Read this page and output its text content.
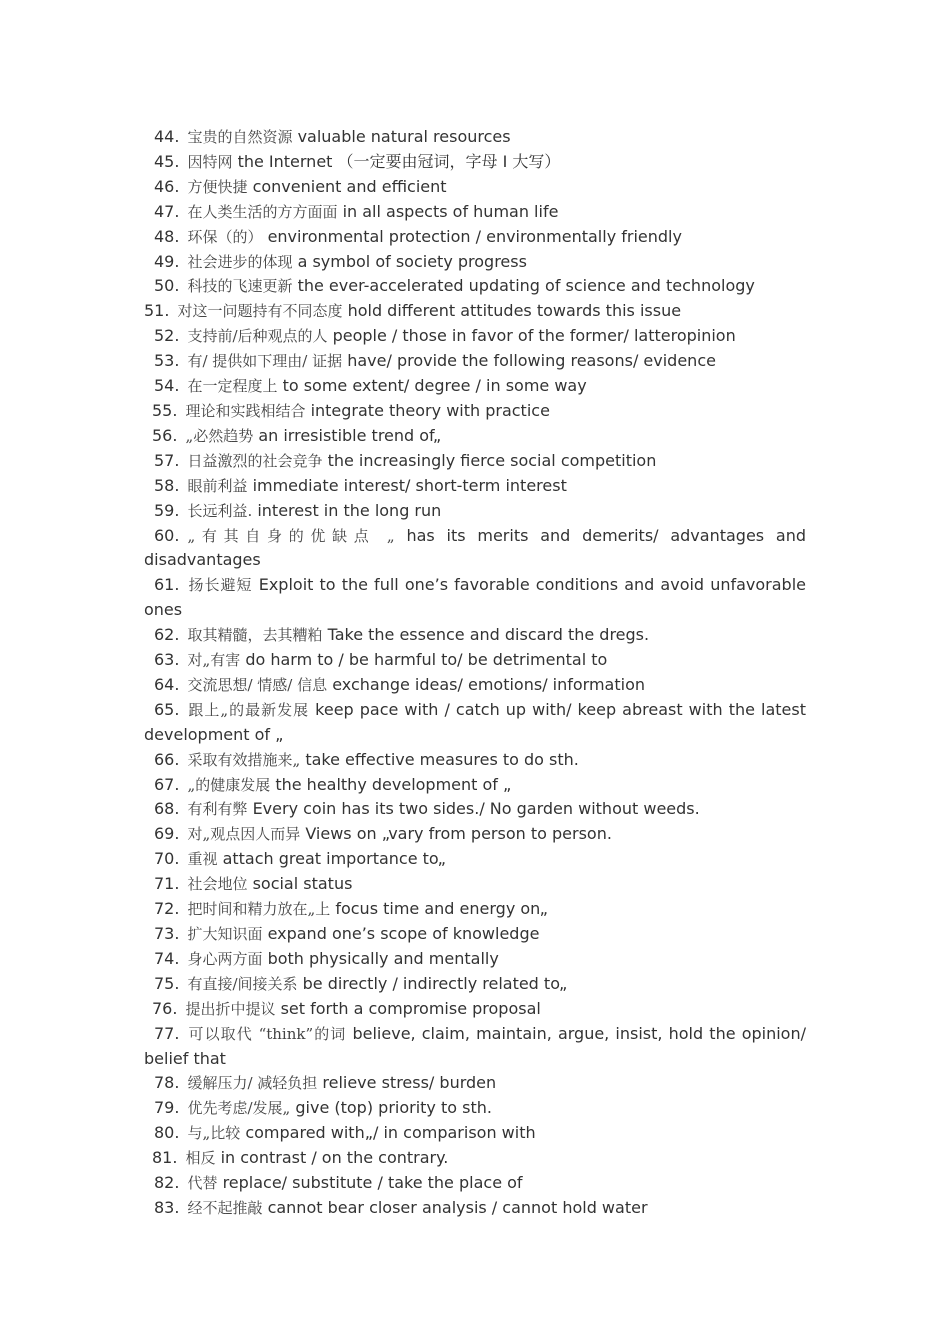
44. 宝贵的自然资源 valuable natural resources
45. 因特网 the Internet （一定要由冠词，字母 I 大写）
46. 方便快捷 convenient and efficient
47. 在人类生活的方方面面 in all aspects of human life
48. 环保（的） environmental protection / environmentally friendly
49. 社会进步的体现 a symbol of society progress
50. 科技的飞速更新 the ever-accelerated updating of science and technology
51. 对这一问题持有不同态度 hold different attitudes towards this issue
52. 支持前/后种观点的人 people / those in favor of the former/ latteropinion
53. 有/ 提供如下理由/ 证据 have/ provide the following reasons/ evidence
54. 在一定程度上 to some extent/ degree / in some way
55. 理论和实践相结合 integrate theory with practice
56. „必然趋势 an irresistible trend of„
57. 日益激烈的社会竞争 the increasingly fierce social competition
58. 眼前利益 immediate interest/ short-term interest
59. 长远利益. interest in the long run
60. „有其自身的优缺点 „ has its merits and demerits/ advantages and disadvantages
61. 扬长避短 Exploit to the full one’s favorable conditions and avoid unfavorable ones
62. 取其精髓，去其糟粕 Take the essence and discard the dregs.
63. 对„有害 do harm to / be harmful to/ be detrimental to
64. 交流思想/ 情感/ 信息 exchange ideas/ emotions/ information
65. 跟上„的最新发展 keep pace with / catch up with/ keep abreast with the latest development of „
66. 采取有效措施来„ take effective measures to do sth.
67. „的健康发展 the healthy development of „
68. 有利有弊 Every coin has its two sides./ No garden without weeds.
69. 对„观点因人而异 Views on „vary from person to person.
70. 重视 attach great importance to„
71. 社会地位 social status
72. 把时间和精力放在„上 focus time and energy on„
73. 扩大知识面 expand one’s scope of knowledge
74. 身心两方面 both physically and mentally
75. 有直接/间接关系 be directly / indirectly related to„
76. 提出折中提议 set forth a compromise proposal
77. 可以取代 “think”的词 believe, claim, maintain, argue, insist, hold the opinion/ belief that
78. 缓解压力/ 减轻负担 relieve stress/ burden
79. 优先考虑/发展„ give (top) priority to sth.
80. 与„比较 compared with„/ in comparison with
81. 相反 in contrast / on the contrary.
82. 代替 replace/ substitute / take the place of
83. 经不起推敲 cannot bear closer analysis / cannot hold water
